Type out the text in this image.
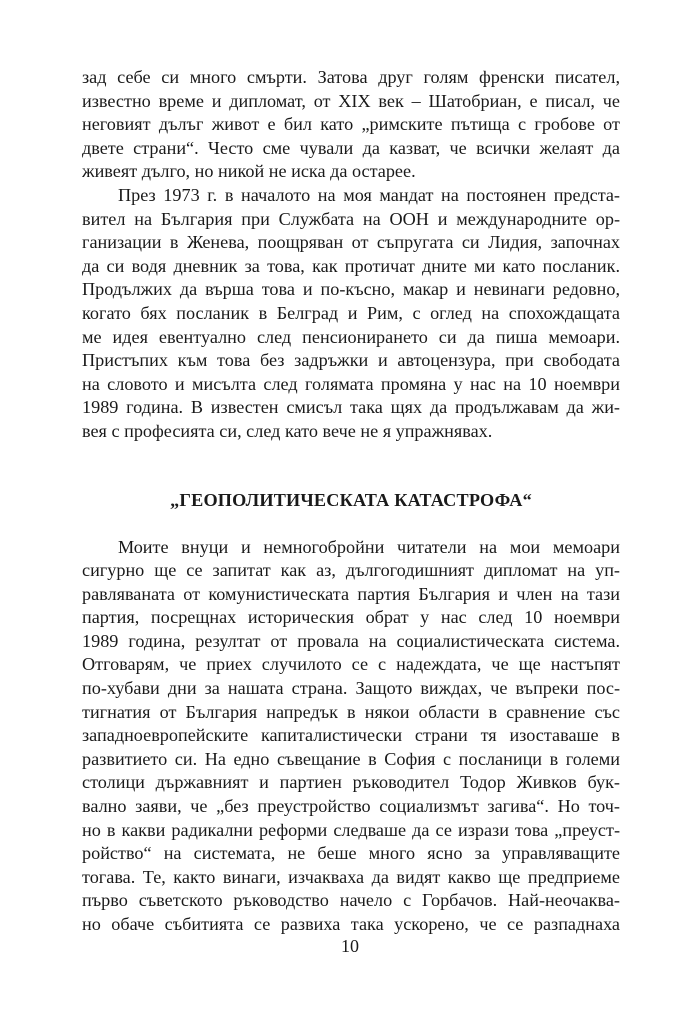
зад себе си много смърти. Затова друг голям френски писател,
известно време и дипломат, от XIX век – Шатобриан, е писал, че
неговият дълъг живот е бил като „римските пътища с гробове от
двете страни“. Често сме чували да казват, че всички желаят да
живеят дълго, но никой не иска да остарее.
През 1973 г. в началото на моя мандат на постоянен предста-
вител на България при Службата на ООН и международните ор-
ганизации в Женева, поощряван от съпругата си Лидия, започнах
да си водя дневник за това, как протичат дните ми като посланик.
Продължих да върша това и по-късно, макар и невинаги редовно,
когато бях посланик в Белград и Рим, с оглед на спохождащата
ме идея евентуално след пенсионирането си да пиша мемоари.
Пристъпих към това без задръжки и автоцензура, при свободата
на словото и мисълта след голямата промяна у нас на 10 ноември
1989 година. В известен смисъл така щях да продължавам да жи-
вея с професията си, след като вече не я упражнявах.
„ГЕОПОЛИТИЧЕСКАТА КАТАСТРОФА“
Моите внуци и немногобройни читатели на мои мемоари
сигурно ще се запитат как аз, дългогодишният дипломат на уп-
равляваната от комунистическата партия България и член на тази
партия, посрещнах историческия обрат у нас след 10 ноември
1989 година, резултат от провала на социалистическата система.
Отговарям, че приех случилото се с надеждата, че ще настъпят
по-хубави дни за нашата страна. Защото виждах, че въпреки пос-
тигнатия от България напредък в някои области в сравнение със
западноевропейските капиталистически страни тя изоставаше в
развитието си. На едно съвещание в София с посланици в големи
столици държавният и партиен ръководител Тодор Живков бук-
вално заяви, че „без преустройство социализмът загива“. Но точ-
но в какви радикални реформи следваше да се изрази това „преуст-
ройство“ на системата, не беше много ясно за управляващите
тогава. Те, както винаги, изчакваха да видят какво ще предприеме
първо съветското ръководство начело с Горбачов. Най-неочаква-
но обаче събитията се развиха така ускорено, че се разпаднаха
10
